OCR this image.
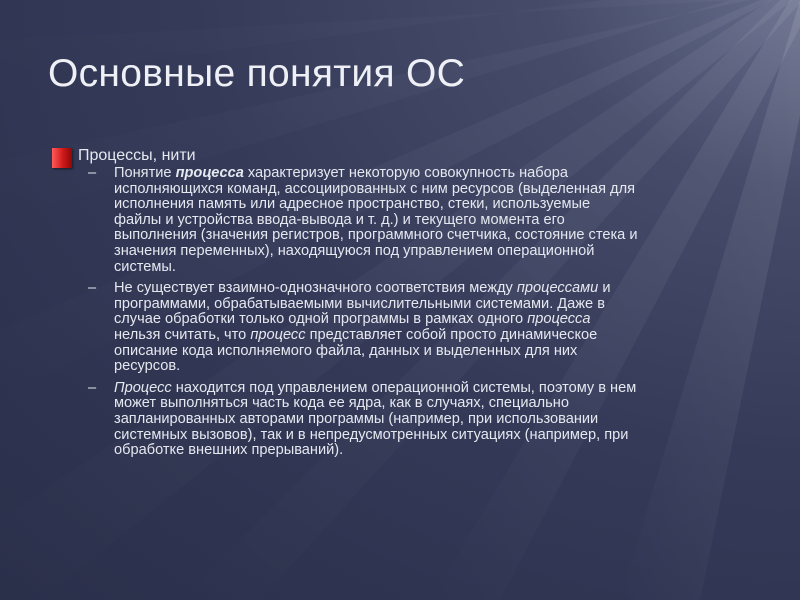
Основные понятия ОС
Процессы, нити
– Понятие процесса характеризует некоторую совокупность набора
исполняющихся команд, ассоциированных с ним ресурсов (выделенная для
исполнения память или адресное пространство, стеки, используемые
файлы и устройства ввода-вывода и т. д.) и текущего момента его
выполнения (значения регистров, программного счетчика, состояние стека и
значения переменных), находящуюся под управлением операционной
системы.
– Не существует взаимно-однозначного соответствия между процессами и
программами, обрабатываемыми вычислительными системами. Даже в
случае обработки только одной программы в рамках одного процесса
нельзя считать, что процесс представляет собой просто динамическое
описание кода исполняемого файла, данных и выделенных для них
ресурсов.
– Процесс находится под управлением операционной системы, поэтому в нем
может выполняться часть кода ее ядра, как в случаях, специально
запланированных авторами программы (например, при использовании
системных вызовов), так и в непредусмотренных ситуациях (например, при
обработке внешних прерываний).
